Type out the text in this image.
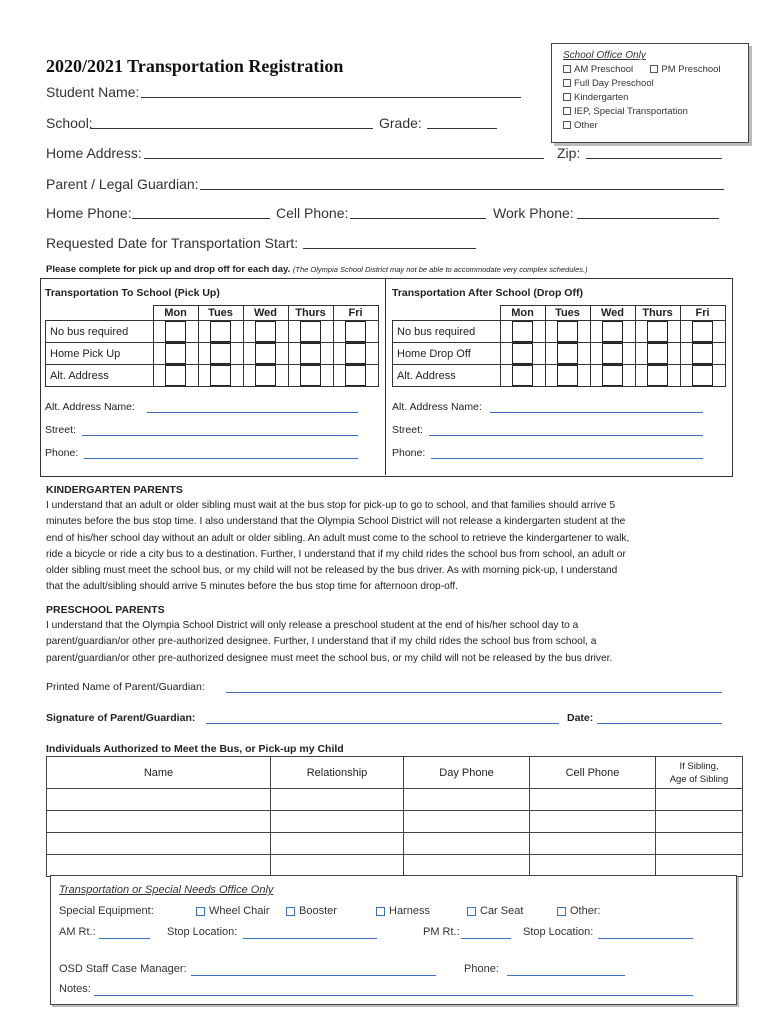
2020/2021 Transportation Registration
School Office Only
AM Preschool	PM Preschool
Full Day Preschool
Kindergarten
IEP, Special Transportation
Other
Student Name:
School:	Grade:
Home Address:	Zip:
Parent / Legal Guardian:
Home Phone:	Cell Phone:	Work Phone:
Requested Date for Transportation Start:
Please complete for pick up and drop off for each day. (The Olympia School District may not be able to accommodate very complex schedules.)
Transportation To School (Pick Up)	Transportation After School (Drop Off)
	Mon	Tues	Wed	Thurs	Fri
No bus required	

Home Pick Up	

Alt. Address	

	Mon	Tues	Wed	Thurs	Fri
No bus required	

Home Drop Off	

Alt. Address	

Alt. Address Name:
Street:
Phone:
Alt. Address Name:
Street:
Phone:
KINDERGARTEN PARENTS
I understand that an adult or older sibling must wait at the bus stop for pick-up to go to school, and that families should arrive 5
minutes before the bus stop time. I also understand that the Olympia School District will not release a kindergarten student at the
end of his/her school day without an adult or older sibling. An adult must come to the school to retrieve the kindergartener to walk,
ride a bicycle or ride a city bus to a destination. Further, I understand that if my child rides the school bus from school, an adult or
older sibling must meet the school bus, or my child will not be released by the bus driver. As with morning pick-up, I understand
that the adult/sibling should arrive 5 minutes before the bus stop time for afternoon drop-off.
PRESCHOOL PARENTS
I understand that the Olympia School District will only release a preschool student at the end of his/her school day to a
parent/guardian/or other pre-authorized designee. Further, I understand that if my child rides the school bus from school, a
parent/guardian/or other pre-authorized designee must meet the school bus, or my child will not be released by the bus driver.
Printed Name of Parent/Guardian:
Signature of Parent/Guardian:	Date:
Individuals Authorized to Meet the Bus, or Pick-up my Child
Name	Relationship	Day Phone	Cell Phone	If Sibling,
Age of Sibling

Transportation or Special Needs Office Only
Special Equipment:	Wheel Chair	Booster	Harness	Car Seat	Other:
AM Rt.:	Stop Location:	PM Rt.:	Stop Location:
OSD Staff Case Manager:	Phone:
Notes:
